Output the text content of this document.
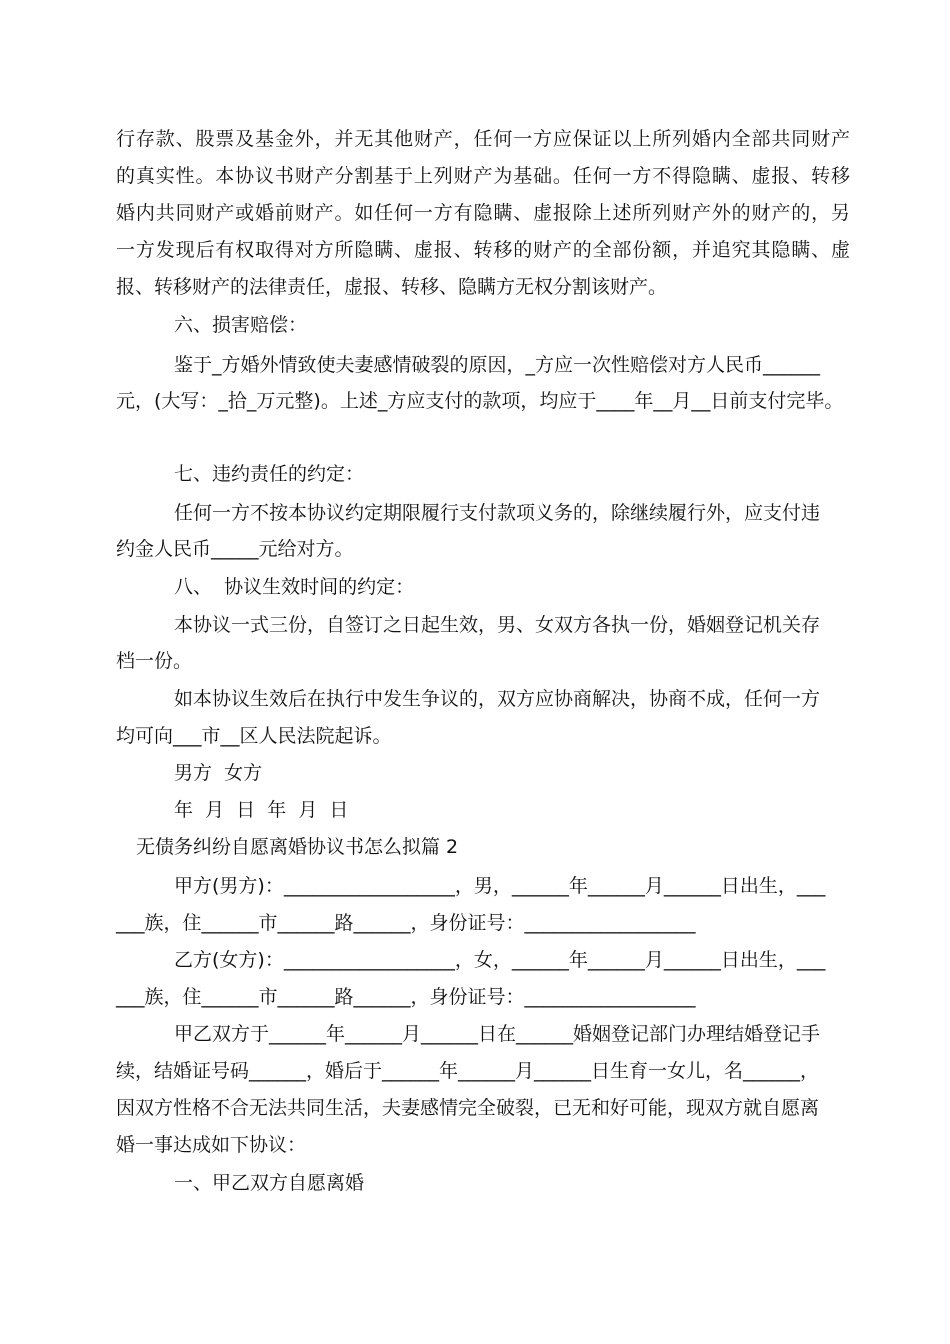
行存款、股票及基金外，并无其他财产，任何一方应保证以上所列婚内全部共同财产

的真实性。本协议书财产分割基于上列财产为基础。任何一方不得隐瞒、虚报、转移

婚内共同财产或婚前财产。如任何一方有隐瞒、虚报除上述所列财产外的财产的，另

一方发现后有权取得对方所隐瞒、虚报、转移的财产的全部份额，并追究其隐瞒、虚

报、转移财产的法律责任，虚报、转移、隐瞒方无权分割该财产。

六、损害赔偿：

鉴于_方婚外情致使夫妻感情破裂的原因，_方应一次性赔偿对方人民币______

元，(大写：_拾_万元整)。上述_方应支付的款项，均应于____年__月__日前支付完毕。

七、违约责任的约定：

任何一方不按本协议约定期限履行支付款项义务的，除继续履行外，应支付违

约金人民币_____元给对方。

八、  协议生效时间的约定：

本协议一式三份，自签订之日起生效，男、女双方各执一份，婚姻登记机关存

档一份。

如本协议生效后在执行中发生争议的，双方应协商解决，协商不成，任何一方

均可向___市__区人民法院起诉。

男方  女方

年  月  日  年  月  日

无债务纠纷自愿离婚协议书怎么拟篇 2

甲方(男方)：__________________，男，______年______月______日出生，___

___族，住______市______路______，身份证号：__________________

乙方(女方)：__________________，女，______年______月______日出生，___

___族，住______市______路______，身份证号：__________________

甲乙双方于______年______月______日在______婚姻登记部门办理结婚登记手

续，结婚证号码______，婚后于______年______月______日生育一女儿，名______，

因双方性格不合无法共同生活，夫妻感情完全破裂，已无和好可能，现双方就自愿离

婚一事达成如下协议：

一、甲乙双方自愿离婚
